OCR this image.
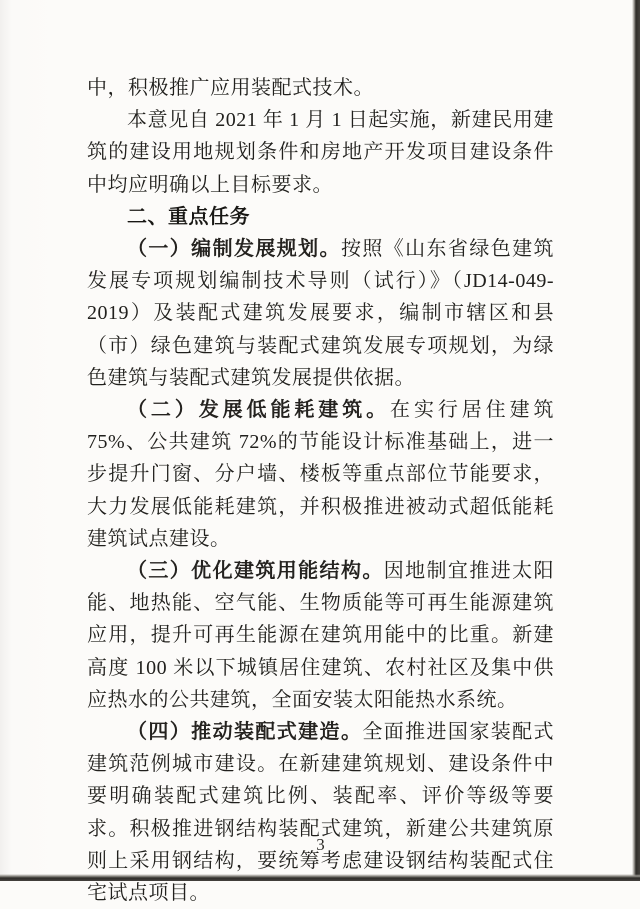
中，积极推广应用装配式技术。

本意见自 2021 年 1 月 1 日起实施，新建民用建筑的建设用地规划条件和房地产开发项目建设条件中均应明确以上目标要求。

二、重点任务

（一）编制发展规划。按照《山东省绿色建筑发展专项规划编制技术导则（试行）》（JD14-049-2019）及装配式建筑发展要求，编制市辖区和县（市）绿色建筑与装配式建筑发展专项规划，为绿色建筑与装配式建筑发展提供依据。

（二）发展低能耗建筑。在实行居住建筑 75%、公共建筑 72%的节能设计标准基础上，进一步提升门窗、分户墙、楼板等重点部位节能要求，大力发展低能耗建筑，并积极推进被动式超低能耗建筑试点建设。

（三）优化建筑用能结构。因地制宜推进太阳能、地热能、空气能、生物质能等可再生能源建筑应用，提升可再生能源在建筑用能中的比重。新建高度 100 米以下城镇居住建筑、农村社区及集中供应热水的公共建筑，全面安装太阳能热水系统。

（四）推动装配式建造。全面推进国家装配式建筑范例城市建设。在新建建筑规划、建设条件中要明确装配式建筑比例、装配率、评价等级等要求。积极推进钢结构装配式建筑，新建公共建筑原则上采用钢结构，要统筹考虑建设钢结构装配式住宅试点项目。

3
